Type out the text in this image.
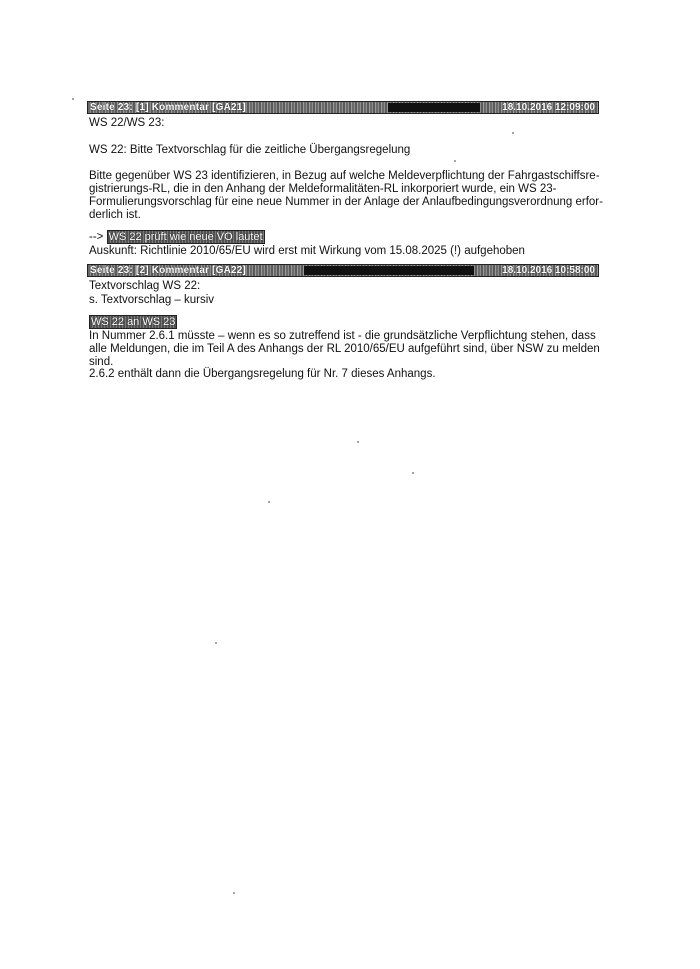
Seite 23: [1] Kommentar [GA21]	18.10.2016 12:09:00
WS 22/WS 23:
WS 22: Bitte Textvorschlag für die zeitliche Übergangsregelung
Bitte gegenüber WS 23 identifizieren, in Bezug auf welche Meldeverpflichtung der Fahrgastschiffsre-
gistrierungs-RL, die in den Anhang der Meldeformalitäten-RL inkorporiert wurde, ein WS 23-
Formulierungsvorschlag für eine neue Nummer in der Anlage der Anlaufbedingungsverordnung erfor-
derlich ist.
--> WS 22 prüft wie neue VO lautet
Auskunft: Richtlinie 2010/65/EU wird erst mit Wirkung vom 15.08.2025 (!) aufgehoben
Seite 23: [2] Kommentar [GA22]	18.10.2016 10:58:00
Textvorschlag WS 22:
s. Textvorschlag – kursiv
WS 22 an WS 23
In Nummer 2.6.1 müsste – wenn es so zutreffend ist - die grundsätzliche Verpflichtung stehen, dass
alle Meldungen, die im Teil A des Anhangs der RL 2010/65/EU aufgeführt sind, über NSW zu melden
sind.
2.6.2 enthält dann die Übergangsregelung für Nr. 7 dieses Anhangs.
